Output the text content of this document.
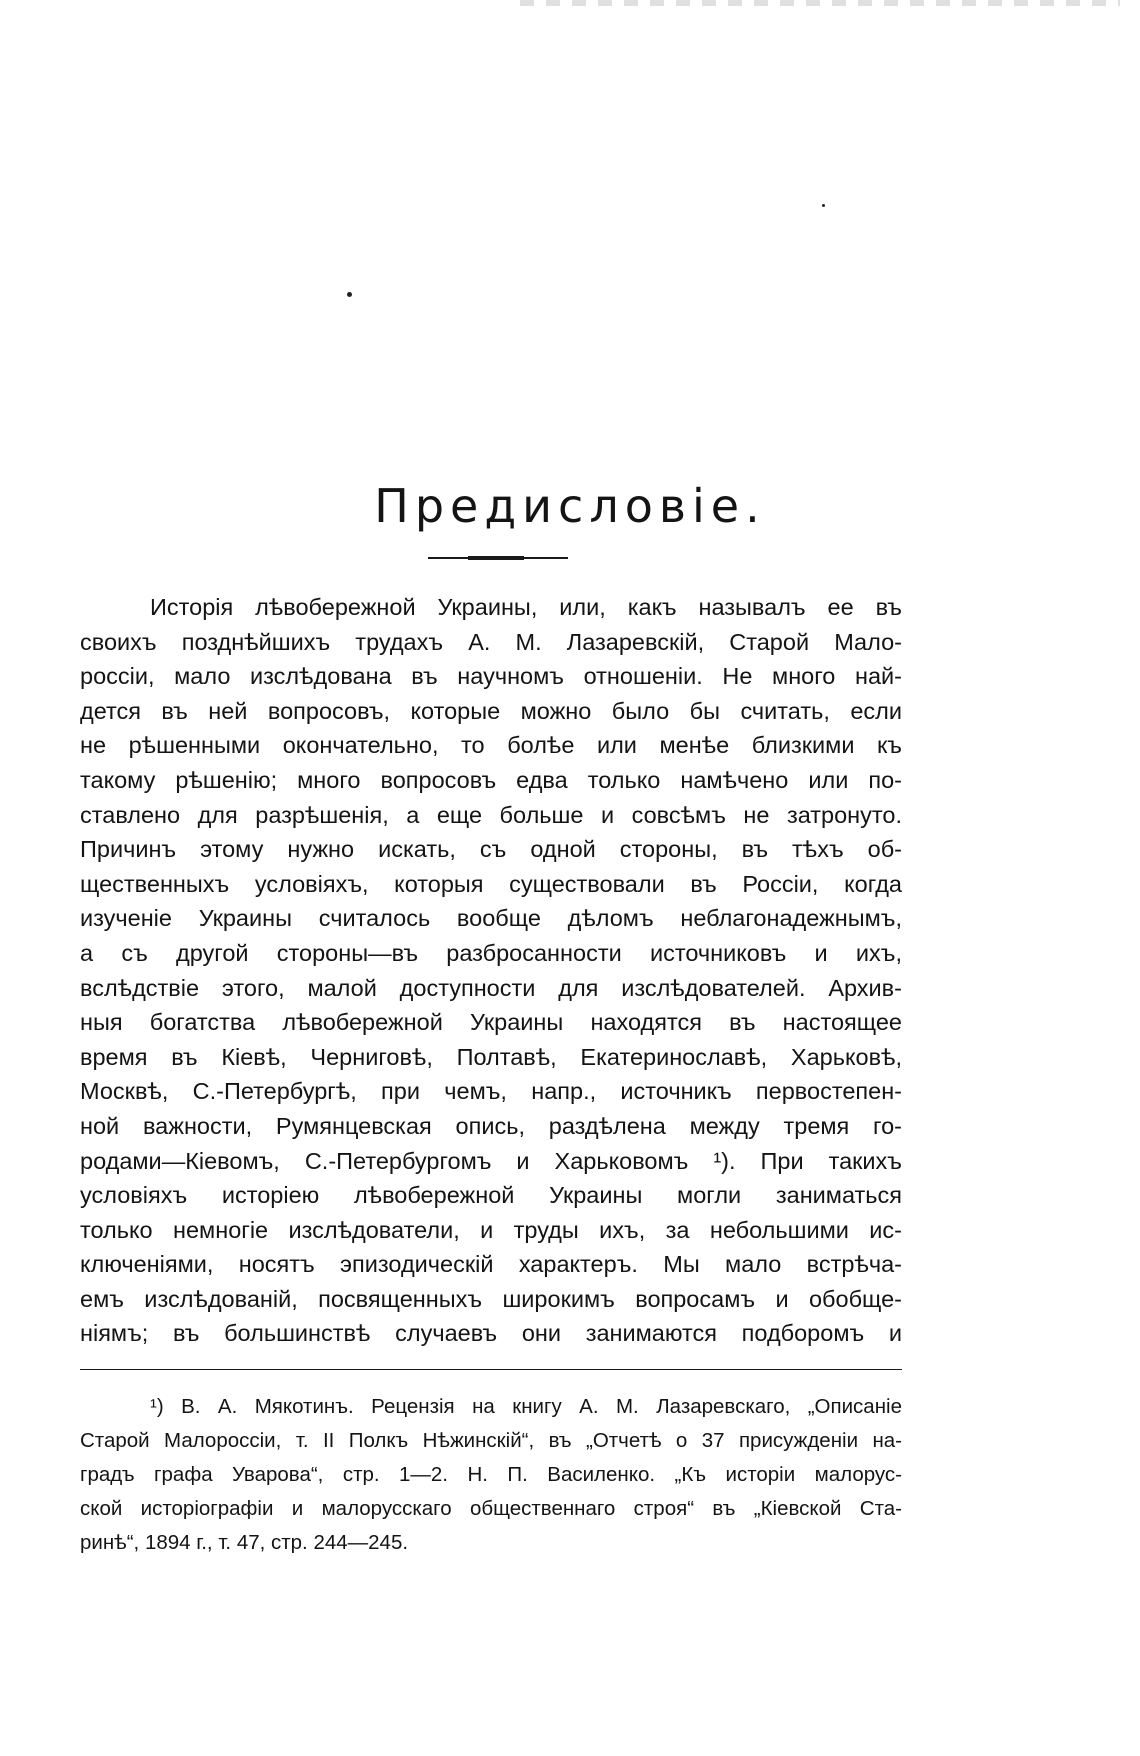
Предисловіе.
Исторія лѣвобережной Украины, или, какъ называлъ ее въ
своихъ позднѣйшихъ трудахъ А. М. Лазаревскій, Старой Мало-
россіи, мало изслѣдована въ научномъ отношеніи. Не много най-
дется въ ней вопросовъ, которые можно было бы считать, если
не рѣшенными окончательно, то болѣе или менѣе близкими къ
такому рѣшенію; много вопросовъ едва только намѣчено или по-
ставлено для разрѣшенія, а еще больше и совсѣмъ не затронуто.
Причинъ этому нужно искать, съ одной стороны, въ тѣхъ об-
щественныхъ условіяхъ, которыя существовали въ Россіи, когда
изученіе Украины считалось вообще дѣломъ неблагонадежнымъ,
а съ другой стороны—въ разбросанности источниковъ и ихъ,
вслѣдствіе этого, малой доступности для изслѣдователей. Архив-
ныя богатства лѣвобережной Украины находятся въ настоящее
время въ Кіевѣ, Черниговѣ, Полтавѣ, Екатеринославѣ, Харьковѣ,
Москвѣ, С.-Петербургѣ, при чемъ, напр., источникъ первостепен-
ной важности, Румянцевская опись, раздѣлена между тремя го-
родами—Кіевомъ, С.-Петербургомъ и Харьковомъ ¹). При такихъ
условіяхъ исторіею лѣвобережной Украины могли заниматься
только немногіе изслѣдователи, и труды ихъ, за небольшими ис-
ключеніями, носятъ эпизодическій характеръ. Мы мало встрѣча-
емъ изслѣдованій, посвященныхъ широкимъ вопросамъ и обобще-
ніямъ; въ большинствѣ случаевъ они занимаются подборомъ и
¹) В. А. Мякотинъ. Рецензія на книгу А. М. Лазаревскаго, „Описаніе
Старой Малороссіи, т. II Полкъ Нѣжинскій“, въ „Отчетѣ о 37 присужденіи на-
градъ графа Уварова“, стр. 1—2. Н. П. Василенко. „Къ исторіи малорус-
ской исторіографіи и малорусскаго общественнаго строя“ въ „Кіевской Ста-
ринѣ“, 1894 г., т. 47, стр. 244—245.
